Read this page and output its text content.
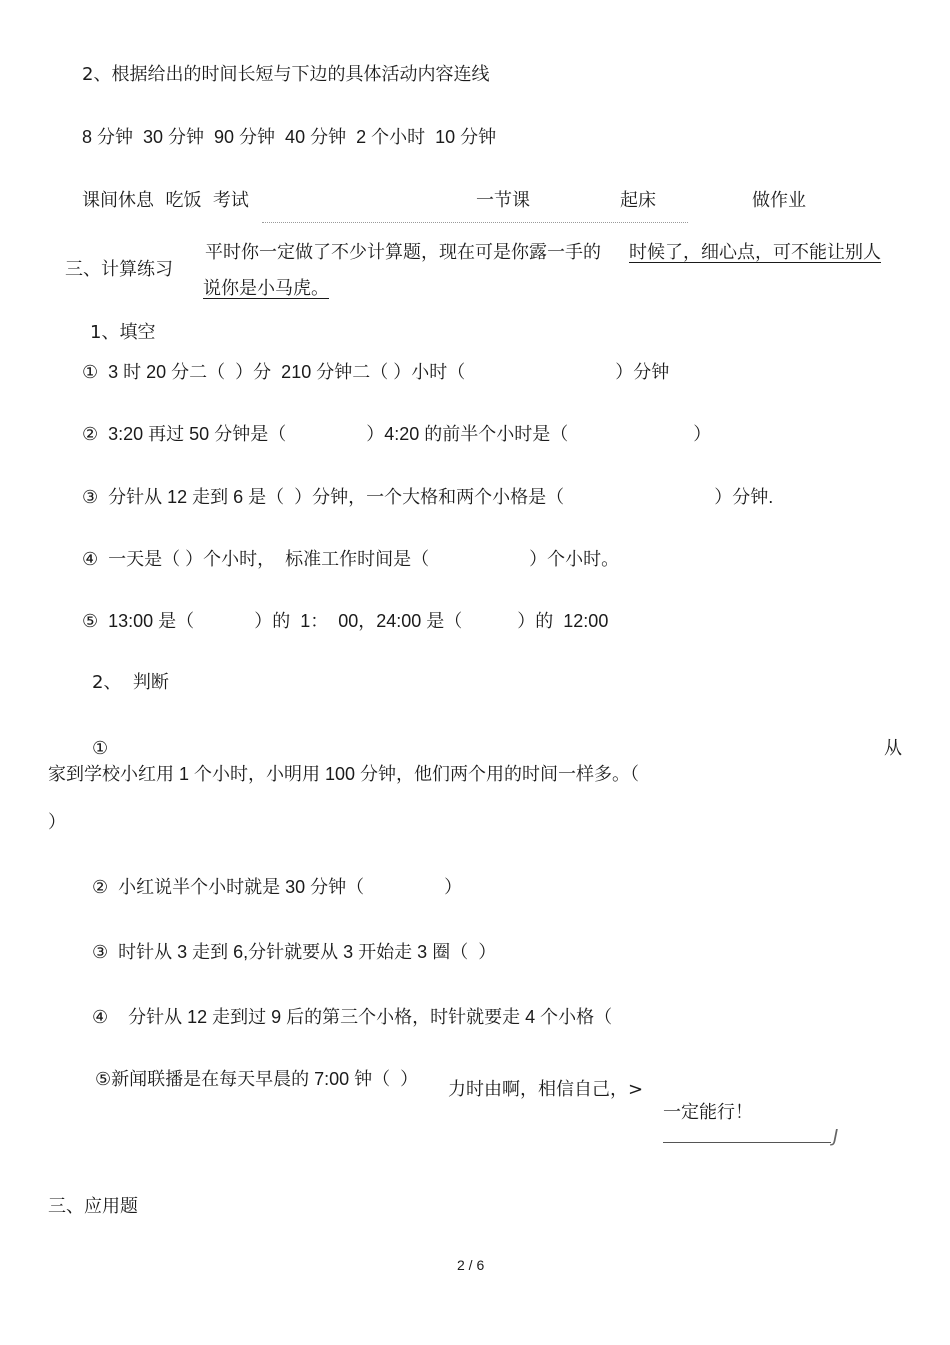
2、根据给出的时间长短与下边的具体活动内容连线
8 分钟  30 分钟  90 分钟  40 分钟  2 个小时  10 分钟
课间休息  吃饭  考试	一节课	起床	做作业
三、计算练习
平时你一定做了不少计算题，现在可是你露一手的 时候了，细心点，可不能让别人
说你是小马虎。
1、填空
①  3 时 20 分二（  ）分  210 分钟二（ ）小时（                              ）分钟
②  3:20 再过 50 分钟是（                ）4:20 的前半个小时是（                         ）
③  分针从 12 走到 6 是（  ）分钟，一个大格和两个小格是（                              ）分钟.
④  一天是（ ）个小时，  标准工作时间是（                    ）个小时。
⑤  13:00 是（            ）的  1：  00，24:00 是（           ）的  12:00
2、  判断
①	从
家到学校小红用 1 个小时，小明用 100 分钟，他们两个用的时间一样多。（
）
②  小红说半个小时就是 30 分钟（                ）
③  时针从 3 走到 6,分针就要从 3 开始走 3 圈（  ）
④    分针从 12 走到过 9 后的第三个小格，时针就要走 4 个小格（
⑤新闻联播是在每天早晨的 7:00 钟（  ） 力时由啊，相信自己，>
一定能行！
J
三、应用题
2 / 6
